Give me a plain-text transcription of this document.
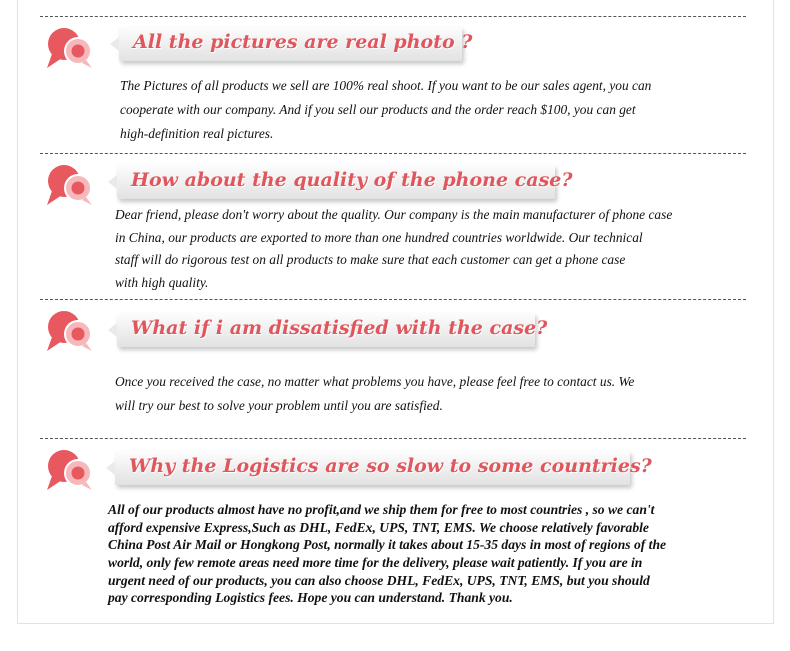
All the pictures are real photo ?
The Pictures of all products we sell are 100% real shoot. If you want to be our sales agent, you can
cooperate with our company. And if you sell our products and the order reach $100, you can get
high-definition real pictures.
How about the quality of the phone case?
Dear friend, please don't worry about the quality. Our company is the main manufacturer of phone case
in China, our products are exported to more than one hundred countries worldwide. Our technical
staff will do rigorous test on all products to make sure that each customer can get a phone case
with high quality.
What if i am dissatisfied with the case?
Once you received the case, no matter what problems you have, please feel free to contact us. We
will try our best to solve your problem until you are satisfied.
Why the Logistics are so slow to some countries?
All of our products almost have no profit,and we ship them for free to most countries , so we can't
afford expensive Express,Such as DHL, FedEx, UPS, TNT, EMS. We choose relatively favorable
China Post Air Mail or Hongkong Post, normally it takes about 15-35 days in most of regions of the
world, only few remote areas need more time for the delivery, please wait patiently. If you are in
urgent need of our products, you can also choose DHL, FedEx, UPS, TNT, EMS, but you should
pay corresponding Logistics fees. Hope you can understand. Thank you.
